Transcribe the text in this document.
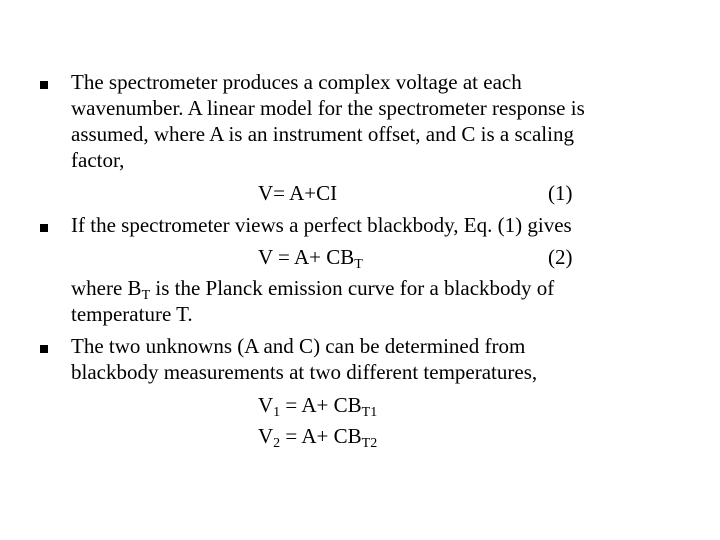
The spectrometer produces a complex voltage at each
wavenumber. A linear model for the spectrometer response is
assumed, where A is an instrument offset, and C is a scaling
factor,
V= A+CI	(1)
If the spectrometer views a perfect blackbody, Eq. (1) gives
$V = A+ CB_T$	(2)
where $B_T$ is the Planck emission curve for a blackbody of
temperature T.
The two unknowns (A and C) can be determined from
blackbody measurements at two different temperatures,
$V_1 = A+ CB_{T1}$
$V_2 = A+ CB_{T2}$
